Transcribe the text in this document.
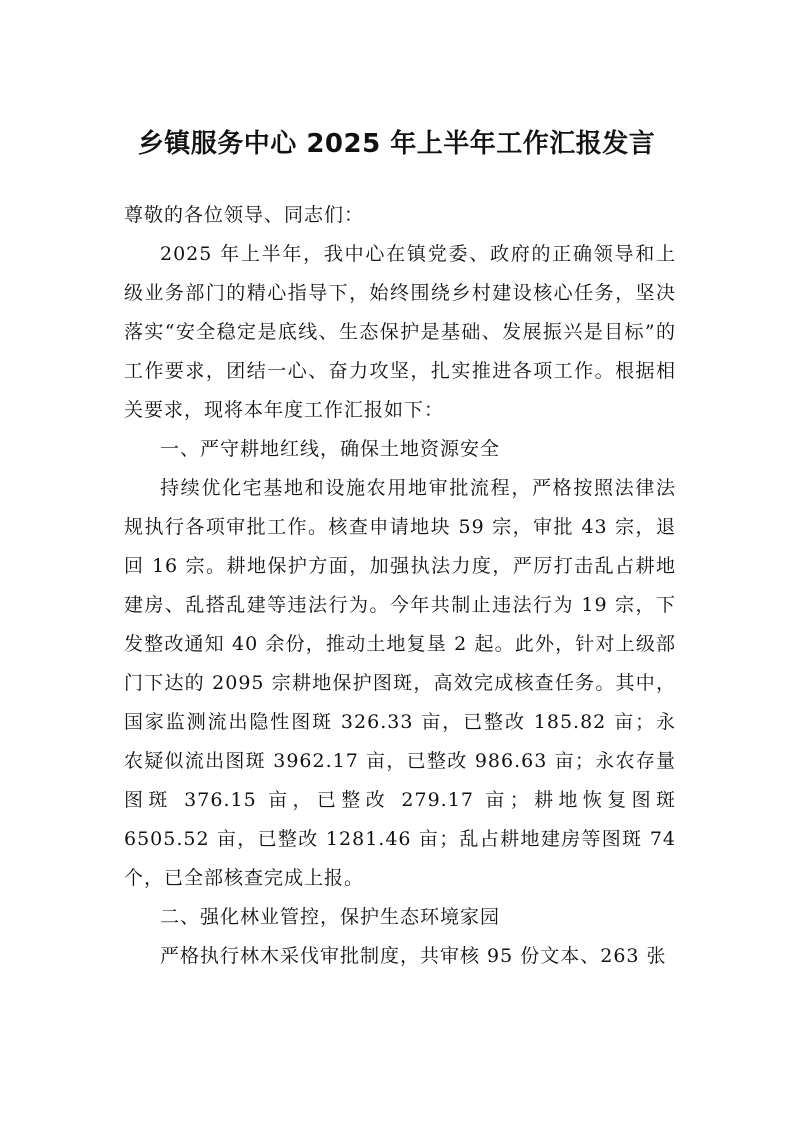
乡镇服务中心 2025 年上半年工作汇报发言

尊敬的各位领导、同志们：

2025 年上半年，我中心在镇党委、政府的正确领导和上级业务部门的精心指导下，始终围绕乡村建设核心任务，坚决落实“安全稳定是底线、生态保护是基础、发展振兴是目标”的工作要求，团结一心、奋力攻坚，扎实推进各项工作。根据相关要求，现将本年度工作汇报如下：

一、严守耕地红线，确保土地资源安全

持续优化宅基地和设施农用地审批流程，严格按照法律法规执行各项审批工作。核查申请地块 59 宗，审批 43 宗，退回 16 宗。耕地保护方面，加强执法力度，严厉打击乱占耕地建房、乱搭乱建等违法行为。今年共制止违法行为 19 宗，下发整改通知 40 余份，推动土地复垦 2 起。此外，针对上级部门下达的 2095 宗耕地保护图斑，高效完成核查任务。其中，国家监测流出隐性图斑 326.33 亩，已整改 185.82 亩；永农疑似流出图斑 3962.17 亩，已整改 986.63 亩；永农存量图斑 376.15 亩，已整改 279.17 亩；耕地恢复图斑 6505.52 亩，已整改 1281.46 亩；乱占耕地建房等图斑 74 个，已全部核查完成上报。

二、强化林业管控，保护生态环境家园

严格执行林木采伐审批制度，共审核 95 份文本、263 张
